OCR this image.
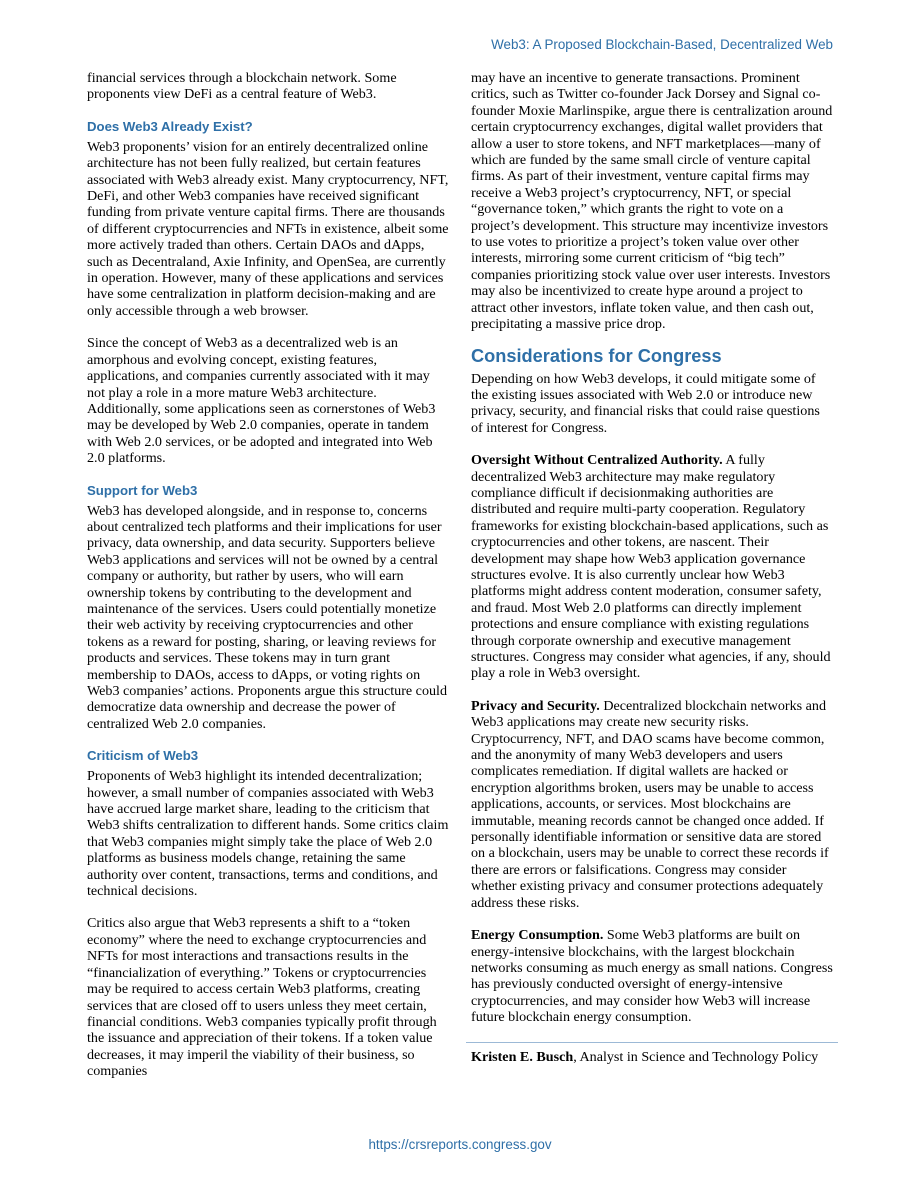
Web3: A Proposed Blockchain-Based, Decentralized Web

financial services through a blockchain network. Some proponents view DeFi as a central feature of Web3.

Does Web3 Already Exist?

Web3 proponents’ vision for an entirely decentralized online architecture has not been fully realized, but certain features associated with Web3 already exist. Many cryptocurrency, NFT, DeFi, and other Web3 companies have received significant funding from private venture capital firms. There are thousands of different cryptocurrencies and NFTs in existence, albeit some more actively traded than others. Certain DAOs and dApps, such as Decentraland, Axie Infinity, and OpenSea, are currently in operation. However, many of these applications and services have some centralization in platform decision-making and are only accessible through a web browser.

Since the concept of Web3 as a decentralized web is an amorphous and evolving concept, existing features, applications, and companies currently associated with it may not play a role in a more mature Web3 architecture. Additionally, some applications seen as cornerstones of Web3 may be developed by Web 2.0 companies, operate in tandem with Web 2.0 services, or be adopted and integrated into Web 2.0 platforms.

Support for Web3

Web3 has developed alongside, and in response to, concerns about centralized tech platforms and their implications for user privacy, data ownership, and data security. Supporters believe Web3 applications and services will not be owned by a central company or authority, but rather by users, who will earn ownership tokens by contributing to the development and maintenance of the services. Users could potentially monetize their web activity by receiving cryptocurrencies and other tokens as a reward for posting, sharing, or leaving reviews for products and services. These tokens may in turn grant membership to DAOs, access to dApps, or voting rights on Web3 companies’ actions. Proponents argue this structure could democratize data ownership and decrease the power of centralized Web 2.0 companies.

Criticism of Web3

Proponents of Web3 highlight its intended decentralization; however, a small number of companies associated with Web3 have accrued large market share, leading to the criticism that Web3 shifts centralization to different hands. Some critics claim that Web3 companies might simply take the place of Web 2.0 platforms as business models change, retaining the same authority over content, transactions, terms and conditions, and technical decisions.

Critics also argue that Web3 represents a shift to a “token economy” where the need to exchange cryptocurrencies and NFTs for most interactions and transactions results in the “financialization of everything.” Tokens or cryptocurrencies may be required to access certain Web3 platforms, creating services that are closed off to users unless they meet certain, financial conditions. Web3 companies typically profit through the issuance and appreciation of their tokens. If a token value decreases, it may imperil the viability of their business, so companies

may have an incentive to generate transactions. Prominent critics, such as Twitter co-founder Jack Dorsey and Signal co-founder Moxie Marlinspike, argue there is centralization around certain cryptocurrency exchanges, digital wallet providers that allow a user to store tokens, and NFT marketplaces—many of which are funded by the same small circle of venture capital firms. As part of their investment, venture capital firms may receive a Web3 project’s cryptocurrency, NFT, or special “governance token,” which grants the right to vote on a project’s development. This structure may incentivize investors to use votes to prioritize a project’s token value over other interests, mirroring some current criticism of “big tech” companies prioritizing stock value over user interests. Investors may also be incentivized to create hype around a project to attract other investors, inflate token value, and then cash out, precipitating a massive price drop.

Considerations for Congress

Depending on how Web3 develops, it could mitigate some of the existing issues associated with Web 2.0 or introduce new privacy, security, and financial risks that could raise questions of interest for Congress.

Oversight Without Centralized Authority. A fully decentralized Web3 architecture may make regulatory compliance difficult if decisionmaking authorities are distributed and require multi-party cooperation. Regulatory frameworks for existing blockchain-based applications, such as cryptocurrencies and other tokens, are nascent. Their development may shape how Web3 application governance structures evolve. It is also currently unclear how Web3 platforms might address content moderation, consumer safety, and fraud. Most Web 2.0 platforms can directly implement protections and ensure compliance with existing regulations through corporate ownership and executive management structures. Congress may consider what agencies, if any, should play a role in Web3 oversight.

Privacy and Security. Decentralized blockchain networks and Web3 applications may create new security risks. Cryptocurrency, NFT, and DAO scams have become common, and the anonymity of many Web3 developers and users complicates remediation. If digital wallets are hacked or encryption algorithms broken, users may be unable to access applications, accounts, or services. Most blockchains are immutable, meaning records cannot be changed once added. If personally identifiable information or sensitive data are stored on a blockchain, users may be unable to correct these records if there are errors or falsifications. Congress may consider whether existing privacy and consumer protections adequately address these risks.

Energy Consumption. Some Web3 platforms are built on energy-intensive blockchains, with the largest blockchain networks consuming as much energy as small nations. Congress has previously conducted oversight of energy-intensive cryptocurrencies, and may consider how Web3 will increase future blockchain energy consumption.

Kristen E. Busch, Analyst in Science and Technology Policy

https://crsreports.congress.gov
